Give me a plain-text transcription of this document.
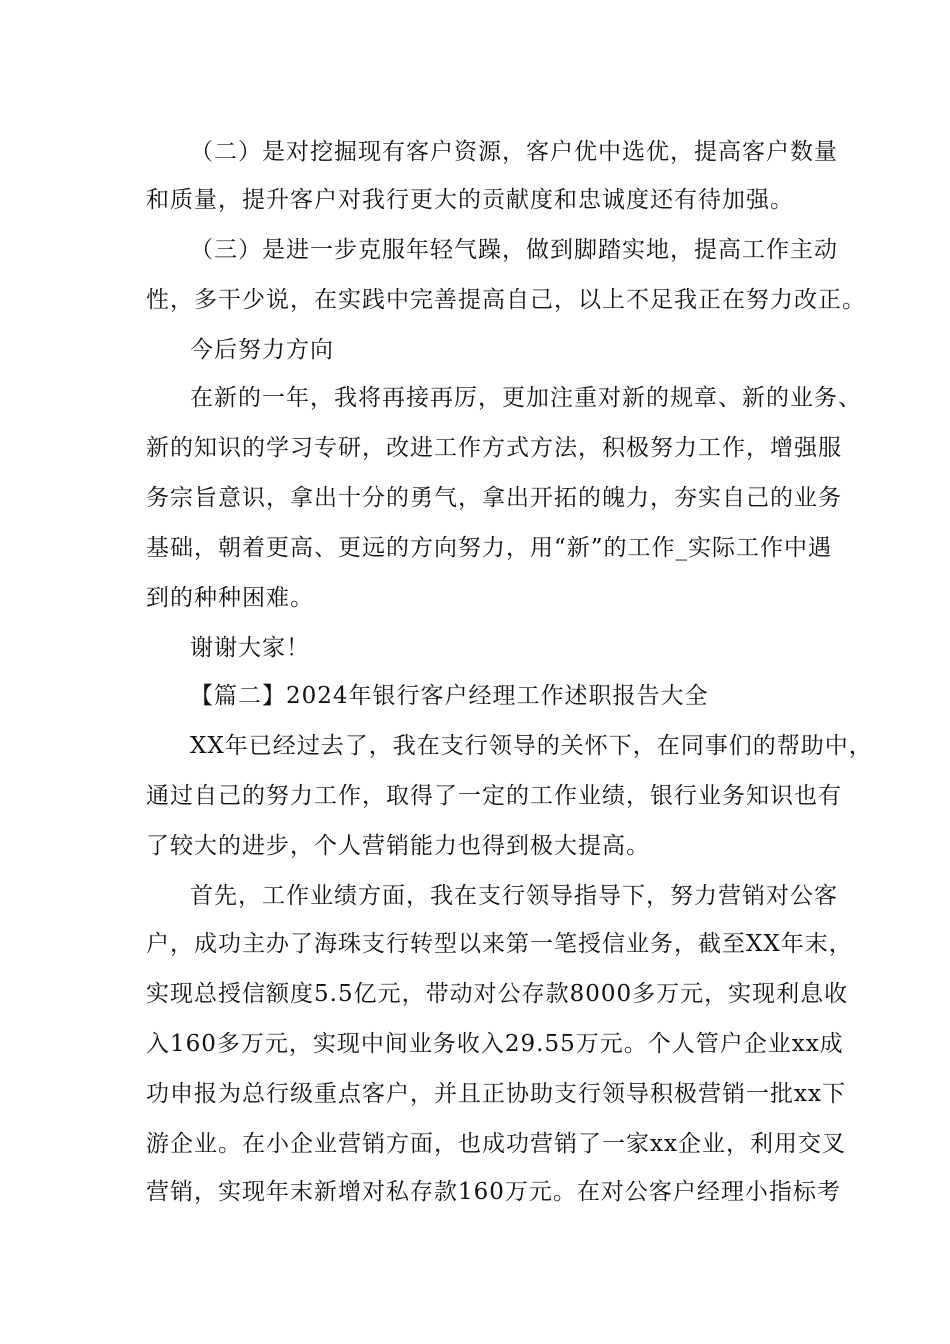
（二）是对挖掘现有客户资源，客户优中选优，提高客户数量
和质量，提升客户对我行更大的贡献度和忠诚度还有待加强。
（三）是进一步克服年轻气躁，做到脚踏实地，提高工作主动
性，多干少说，在实践中完善提高自己，以上不足我正在努力改正。
今后努力方向
在新的一年，我将再接再厉，更加注重对新的规章、新的业务、
新的知识的学习专研，改进工作方式方法，积极努力工作，增强服
务宗旨意识，拿出十分的勇气，拿出开拓的魄力，夯实自己的业务
基础，朝着更高、更远的方向努力，用“新”的工作_实际工作中遇
到的种种困难。
谢谢大家！
【篇二】2024年银行客户经理工作述职报告大全
XX年已经过去了，我在支行领导的关怀下，在同事们的帮助中，
通过自己的努力工作，取得了一定的工作业绩，银行业务知识也有
了较大的进步，个人营销能力也得到极大提高。
首先，工作业绩方面，我在支行领导指导下，努力营销对公客
户，成功主办了海珠支行转型以来第一笔授信业务，截至XX年末，
实现总授信额度5.5亿元，带动对公存款8000多万元，实现利息收
入160多万元，实现中间业务收入29.55万元。个人管户企业xx成
功申报为总行级重点客户，并且正协助支行领导积极营销一批xx下
游企业。在小企业营销方面，也成功营销了一家xx企业，利用交叉
营销，实现年末新增对私存款160万元。在对公客户经理小指标考
